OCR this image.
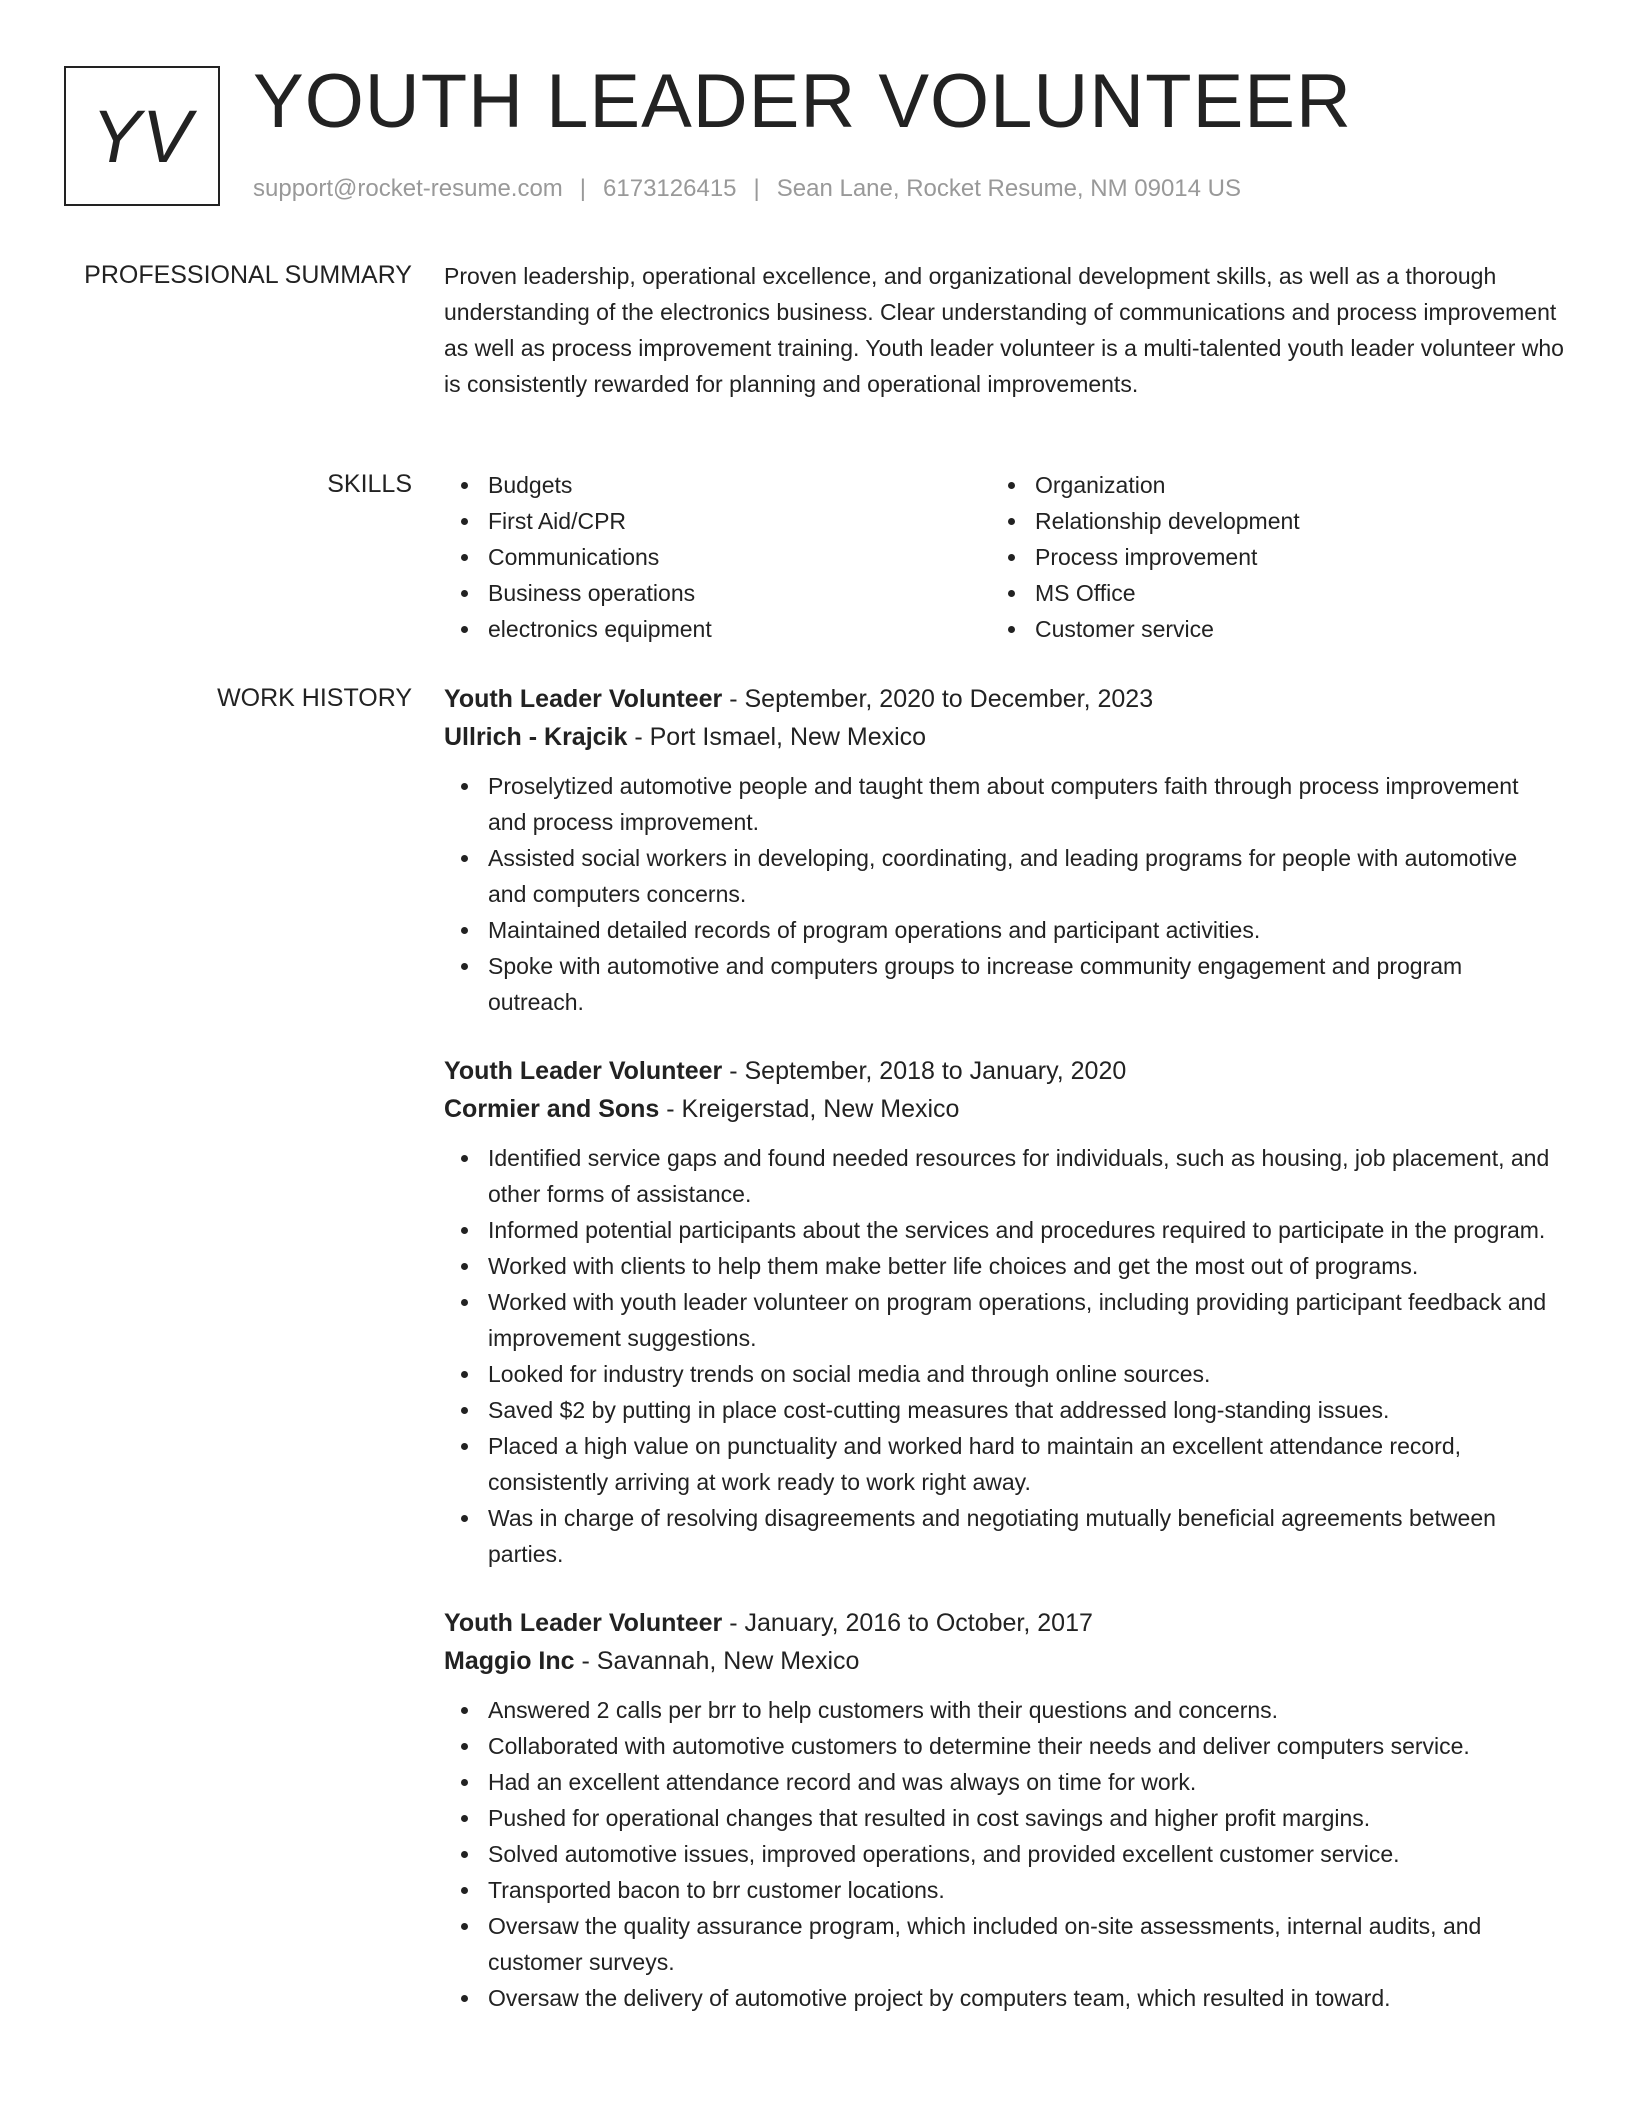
YV YOUTH LEADER VOLUNTEER
support@rocket-resume.com | 6173126415 | Sean Lane, Rocket Resume, NM 09014 US
PROFESSIONAL SUMMARY Proven leadership, operational excellence, and organizational development skills, as well as a thorough understanding of the electronics business. Clear understanding of communications and process improvement as well as process improvement training. Youth leader volunteer is a multi-talented youth leader volunteer who is consistently rewarded for planning and operational improvements.

SKILLS	Budgets
First Aid/CPR
Communications
Business operations
electronics equipment
Organization
Relationship development
Process improvement
MS Office
Customer service
WORK HISTORY Youth Leader Volunteer - September, 2020 to December, 2023
Ullrich - Krajcik - Port Ismael, New Mexico
Proselytized automotive people and taught them about computers faith through process improvement and process improvement.
Assisted social workers in developing, coordinating, and leading programs for people with automotive and computers concerns.
Maintained detailed records of program operations and participant activities.
Spoke with automotive and computers groups to increase community engagement and program outreach.
Youth Leader Volunteer - September, 2018 to January, 2020
Cormier and Sons - Kreigerstad, New Mexico
Identified service gaps and found needed resources for individuals, such as housing, job placement, and other forms of assistance.
Informed potential participants about the services and procedures required to participate in the program.
Worked with clients to help them make better life choices and get the most out of programs.
Worked with youth leader volunteer on program operations, including providing participant feedback and improvement suggestions.
Looked for industry trends on social media and through online sources.
Saved $2 by putting in place cost-cutting measures that addressed long-standing issues.
Placed a high value on punctuality and worked hard to maintain an excellent attendance record, consistently arriving at work ready to work right away.
Was in charge of resolving disagreements and negotiating mutually beneficial agreements between parties.
Youth Leader Volunteer - January, 2016 to October, 2017
Maggio Inc - Savannah, New Mexico
Answered 2 calls per brr to help customers with their questions and concerns.
Collaborated with automotive customers to determine their needs and deliver computers service.
Had an excellent attendance record and was always on time for work.
Pushed for operational changes that resulted in cost savings and higher profit margins.
Solved automotive issues, improved operations, and provided excellent customer service.
Transported bacon to brr customer locations.
Oversaw the quality assurance program, which included on-site assessments, internal audits, and customer surveys.
Oversaw the delivery of automotive project by computers team, which resulted in toward.
